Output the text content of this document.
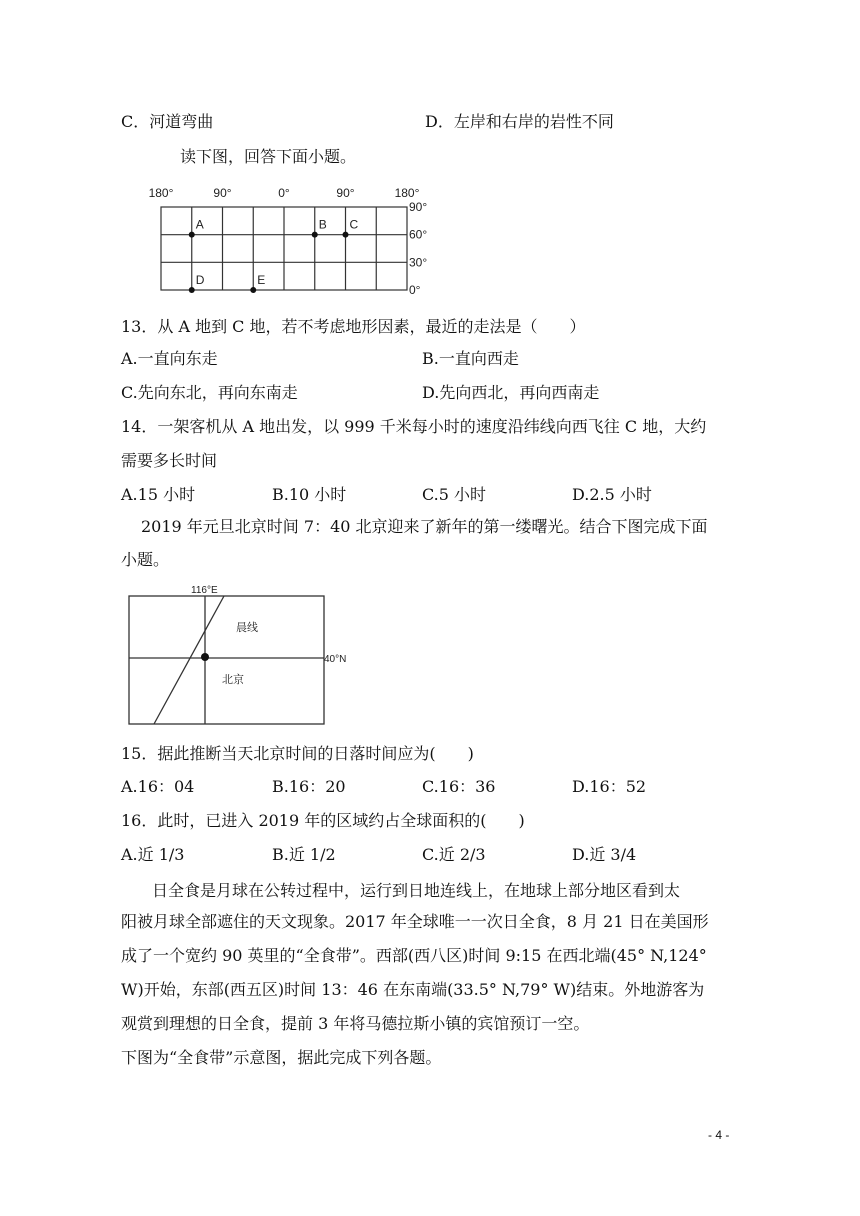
C．河道弯曲	D．左岸和右岸的岩性不同
读下图，回答下面小题。
180°	90°	0°	90°	180°
90°
60°
30°
0°
A	B C
D	E
13．从 A 地到 C 地，若不考虑地形因素，最近的走法是（　　）
A.一直向东走	B.一直向西走
C.先向东北，再向东南走	D.先向西北，再向西南走
14．一架客机从 A 地出发，以 999 千米每小时的速度沿纬线向西飞往 C 地，大约
需要多长时间
A.15 小时	B.10 小时	C.5 小时	D.2.5 小时
2019 年元旦北京时间 7：40 北京迎来了新年的第一缕曙光。结合下图完成下面
小题。
116°E
40°N
晨线
北京
15．据此推断当天北京时间的日落时间应为(　　)
A.16：04	B.16：20	C.16：36	D.16：52
16．此时，已进入 2019 年的区域约占全球面积的(　　)
A.近 1/3	B.近 1/2	C.近 2/3	D.近 3/4
日全食是月球在公转过程中，运行到日地连线上，在地球上部分地区看到太
阳被月球全部遮住的天文现象。2017 年全球唯一一次日全食，8 月 21 日在美国形
成了一个宽约 90 英里的“全食带”。西部(西八区)时间 9:15 在西北端(45° N,124°
W)开始，东部(西五区)时间 13：46 在东南端(33.5° N,79° W)结束。外地游客为
观赏到理想的日全食，提前 3 年将马德拉斯小镇的宾馆预订一空。
下图为“全食带”示意图，据此完成下列各题。
- 4 -
